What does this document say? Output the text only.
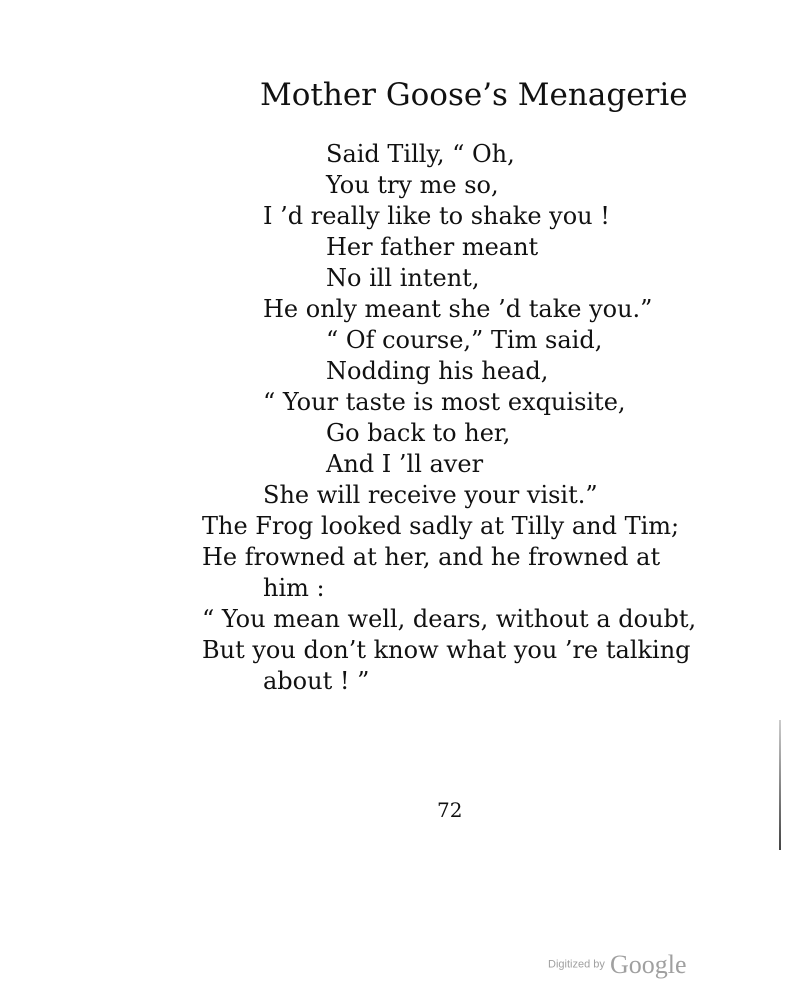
Mother Goose’s Menagerie
Said Tilly, “ Oh,
You try me so,
I ’d really like to shake you !
Her father meant
No ill intent,
He only meant she ’d take you.”
“ Of course,” Tim said,
Nodding his head,
“ Your taste is most exquisite,
Go back to her,
And I ’ll aver
She will receive your visit.”
The Frog looked sadly at Tilly and Tim;
He frowned at her, and he frowned at
him :
“ You mean well, dears, without a doubt,
But you don’t know what you ’re talking
about ! ”
72
Digitized by Google
